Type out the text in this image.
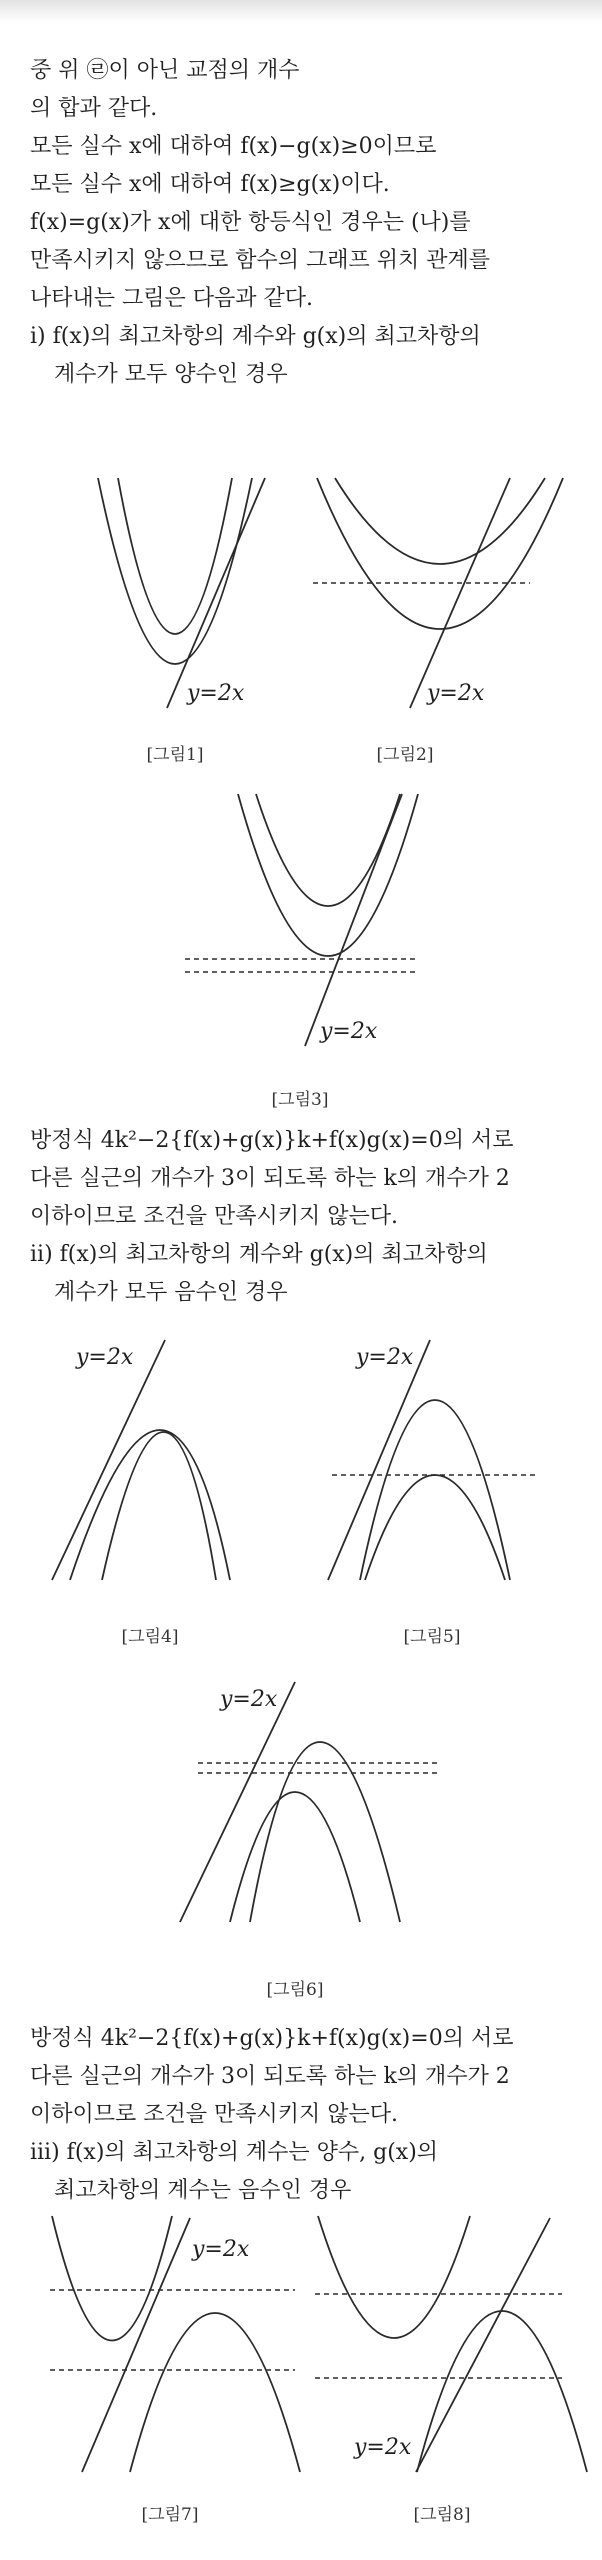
중 위 ㉣이 아닌 교점의 개수
의 합과 같다.
모든 실수 x에 대하여 f(x)−g(x)≥0이므로
모든 실수 x에 대하여 f(x)≥g(x)이다.
f(x)=g(x)가 x에 대한 항등식인 경우는 (나)를
만족시키지 않으므로 함수의 그래프 위치 관계를
나타내는 그림은 다음과 같다.
ⅰ) f(x)의 최고차항의 계수와 g(x)의 최고차항의
계수가 모두 양수인 경우
y=2x
[그림1]
y=2x
[그림2]
y=2x
[그림3]
방정식 4k²−2{f(x)+g(x)}k+f(x)g(x)=0의 서로
다른 실근의 개수가 3이 되도록 하는 k의 개수가 2
이하이므로 조건을 만족시키지 않는다.
ⅱ) f(x)의 최고차항의 계수와 g(x)의 최고차항의
계수가 모두 음수인 경우
y=2x
[그림4]
y=2x
[그림5]
y=2x
[그림6]
방정식 4k²−2{f(x)+g(x)}k+f(x)g(x)=0의 서로
다른 실근의 개수가 3이 되도록 하는 k의 개수가 2
이하이므로 조건을 만족시키지 않는다.
ⅲ) f(x)의 최고차항의 계수는 양수, g(x)의
최고차항의 계수는 음수인 경우
y=2x
[그림7]
y=2x
[그림8]
